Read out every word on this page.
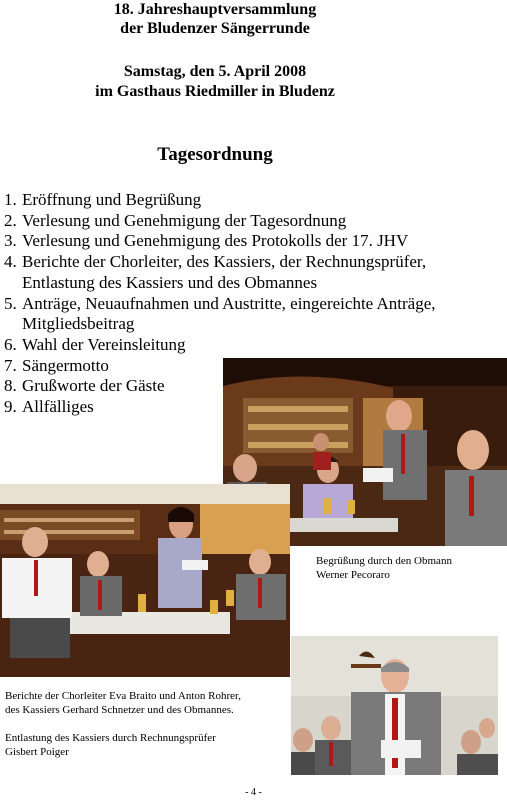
18. Jahreshauptversammlung
der Bludenzer Sängerrunde
Samstag, den 5. April 2008
im Gasthaus Riedmiller in Bludenz
Tagesordnung
1. Eröffnung und Begrüßung
2. Verlesung und Genehmigung der Tagesordnung
3. Verlesung und Genehmigung des Protokolls der 17. JHV
4. Berichte der Chorleiter, des Kassiers, der Rechnungsprüfer,
Entlastung des Kassiers und des Obmannes
5. Anträge, Neuaufnahmen und Austritte, eingereichte Anträge,
Mitgliedsbeitrag
6. Wahl der Vereinsleitung
7. Sängermotto
8. Grußworte der Gäste
9. Allfälliges
Begrüßung durch den Obmann
Werner Pecoraro
Berichte der Chorleiter Eva Braito und Anton Rohrer,
des Kassiers Gerhard Schnetzer und des Obmannes.
Entlastung des Kassiers durch Rechnungsprüfer
Gisbert Poiger
- 4 -
